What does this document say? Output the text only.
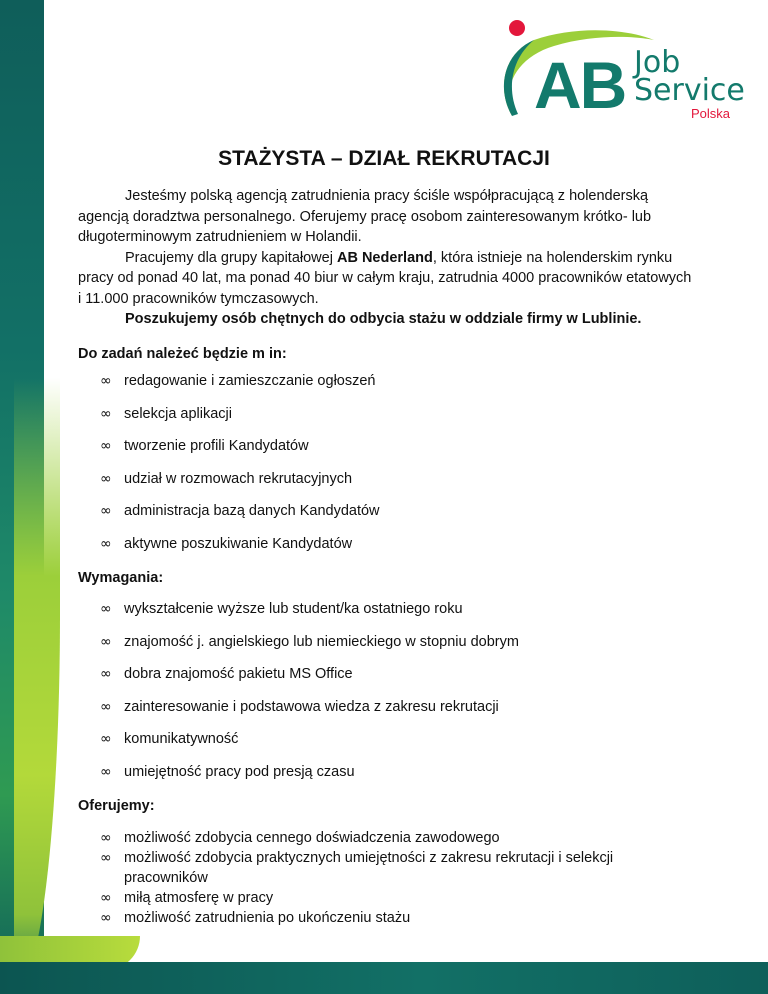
AB Job
Service
Polska
STAŻYSTA – DZIAŁ REKRUTACJI

Jesteśmy polską agencją zatrudnienia pracy ściśle współpracującą z holenderską agencją doradztwa personalnego. Oferujemy pracę osobom zainteresowanym krótko- lub długoterminowym zatrudnieniem w Holandii.

Pracujemy dla grupy kapitałowej AB Nederland, która istnieje na holenderskim rynku pracy od ponad 40 lat, ma ponad 40 biur w całym kraju, zatrudnia 4000 pracowników etatowych i 11.000 pracowników tymczasowych.

Poszukujemy osób chętnych do odbycia stażu w oddziale firmy w Lublinie.

Do zadań należeć będzie m in:
∞ redagowanie i zamieszczanie ogłoszeń
∞ selekcja aplikacji
∞ tworzenie profili Kandydatów
∞ udział w rozmowach rekrutacyjnych
∞ administracja bazą danych Kandydatów
∞ aktywne poszukiwanie Kandydatów
Wymagania:
∞ wykształcenie wyższe lub student/ka ostatniego roku
∞ znajomość j. angielskiego lub niemieckiego w stopniu dobrym
∞ dobra znajomość pakietu MS Office
∞ zainteresowanie i podstawowa wiedza z zakresu rekrutacji
∞ komunikatywność
∞ umiejętność pracy pod presją czasu
Oferujemy:
∞ możliwość zdobycia cennego doświadczenia zawodowego
∞ możliwość zdobycia praktycznych umiejętności z zakresu rekrutacji i selekcji pracowników
∞ miłą atmosferę w pracy
∞ możliwość zatrudnienia po ukończeniu stażu
